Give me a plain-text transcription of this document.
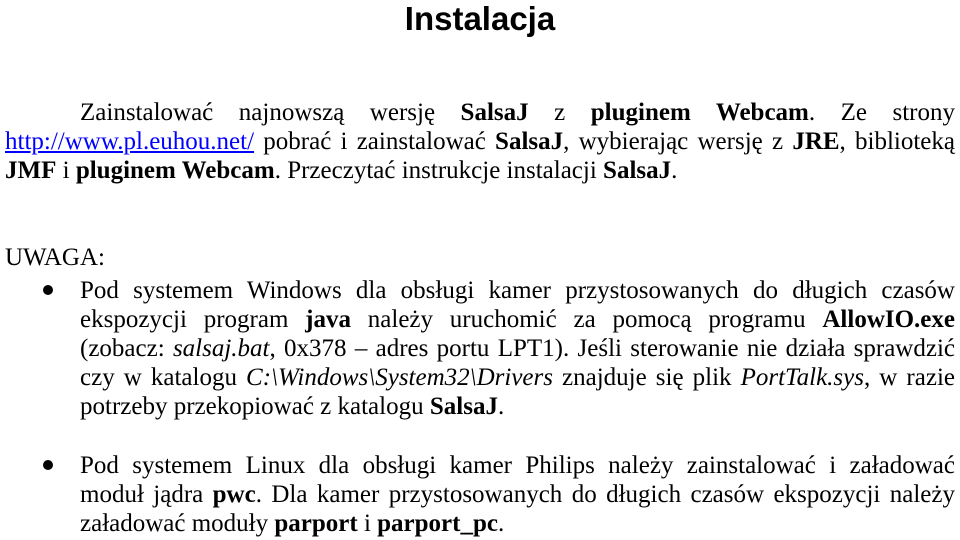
Instalacja
Zainstalować najnowszą wersję SalsaJ z pluginem Webcam. Ze strony
http://www.pl.euhou.net/ pobrać i zainstalować SalsaJ, wybierając wersję z JRE, biblioteką
JMF i pluginem Webcam. Przeczytać instrukcje instalacji SalsaJ.
UWAGA:
Pod systemem Windows dla obsługi kamer przystosowanych do długich czasów
ekspozycji program java należy uruchomić za pomocą programu AllowIO.exe
(zobacz: salsaj.bat, 0x378 – adres portu LPT1). Jeśli sterowanie nie działa sprawdzić
czy w katalogu C:\Windows\System32\Drivers znajduje się plik PortTalk.sys, w razie
potrzeby przekopiować z katalogu SalsaJ.
Pod systemem Linux dla obsługi kamer Philips należy zainstalować i załadować
moduł jądra pwc. Dla kamer przystosowanych do długich czasów ekspozycji należy
załadować moduły parport i parport_pc.
